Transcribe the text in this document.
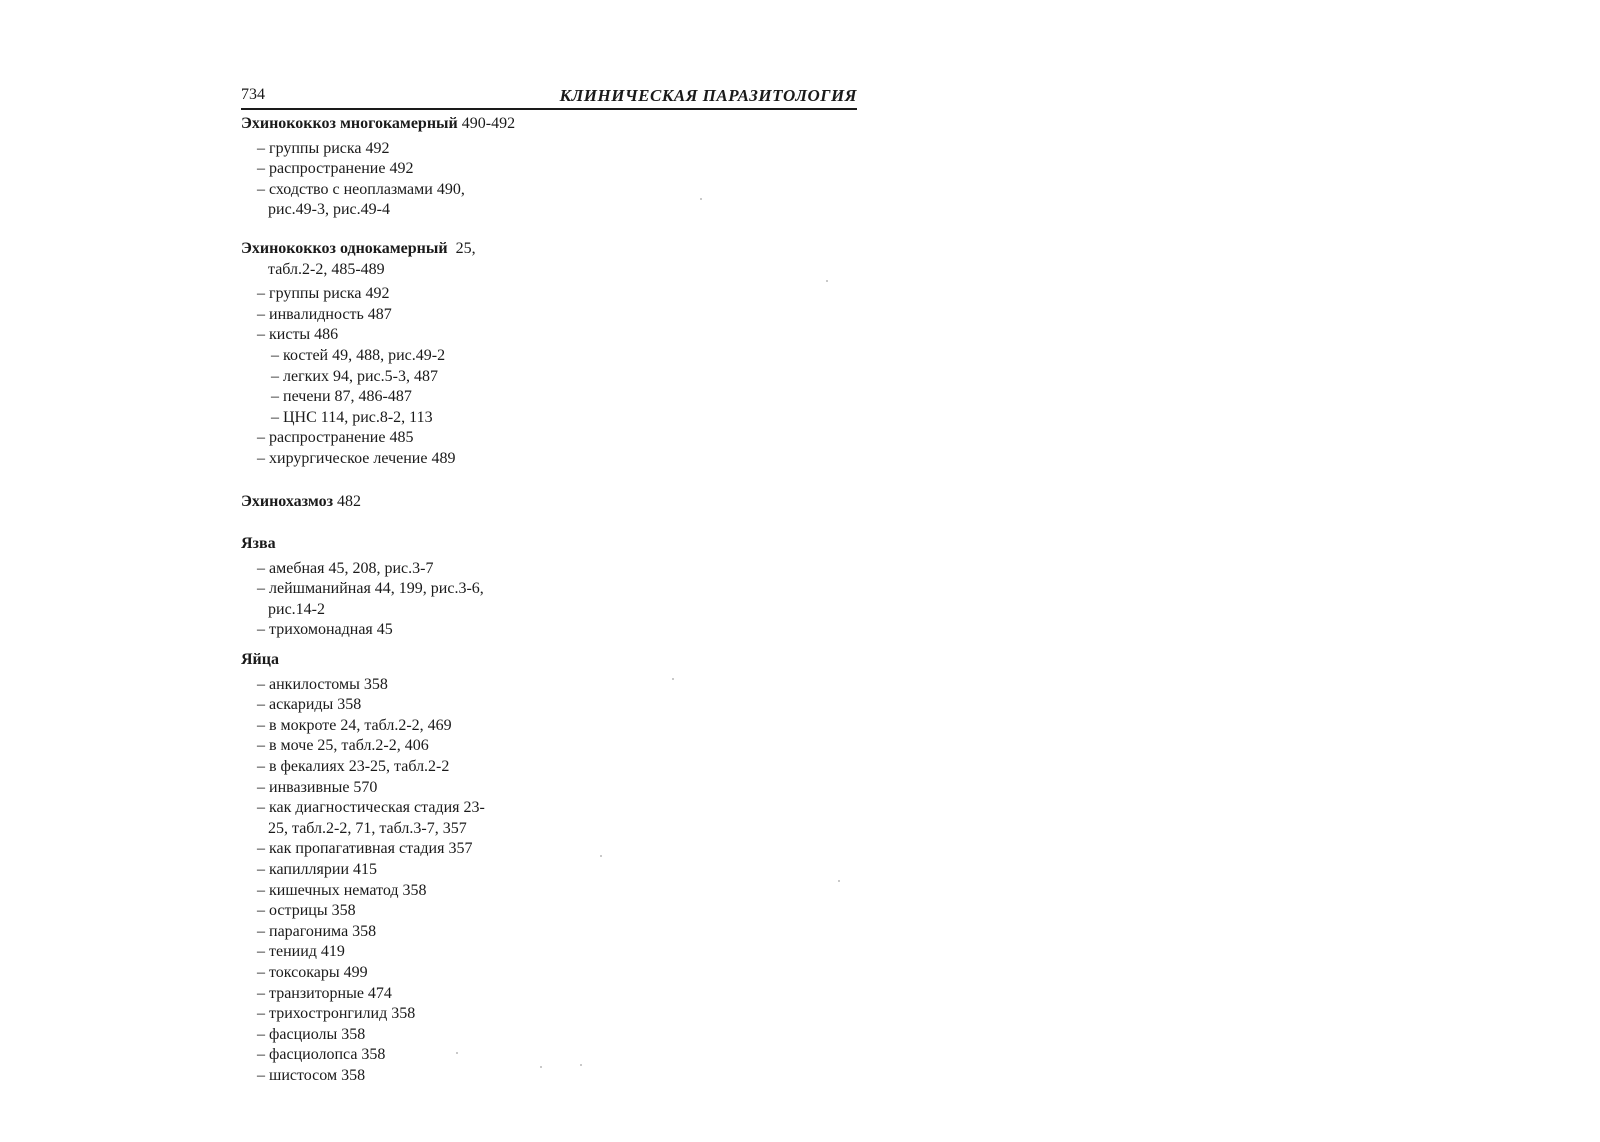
734	КЛИНИЧЕСКАЯ ПАРАЗИТОЛОГИЯ
Эхинококкоз многокамерный 490-492
– группы риска 492
– распространение 492
– сходство с неоплазмами 490,
рис.49-3, рис.49-4
Эхинококкоз однокамерный  25,
табл.2-2, 485-489
– группы риска 492
– инвалидность 487
– кисты 486
– костей 49, 488, рис.49-2
– легких 94, рис.5-3, 487
– печени 87, 486-487
– ЦНС 114, рис.8-2, 113
– распространение 485
– хирургическое лечение 489
Эхинохазмоз 482
Язва
– амебная 45, 208, рис.3-7
– лейшманийная 44, 199, рис.3-6,
рис.14-2
– трихомонадная 45
Яйца
– анкилостомы 358
– аскариды 358
– в мокроте 24, табл.2-2, 469
– в моче 25, табл.2-2, 406
– в фекалиях 23-25, табл.2-2
– инвазивные 570
– как диагностическая стадия 23-
25, табл.2-2, 71, табл.3-7, 357
– как пропагативная стадия 357
– капиллярии 415
– кишечных нематод 358
– острицы 358
– парагонима 358
– тениид 419
– токсокары 499
– транзиторные 474
– трихостронгилид 358
– фасциолы 358
– фасциолопса 358
– шистосом 358
